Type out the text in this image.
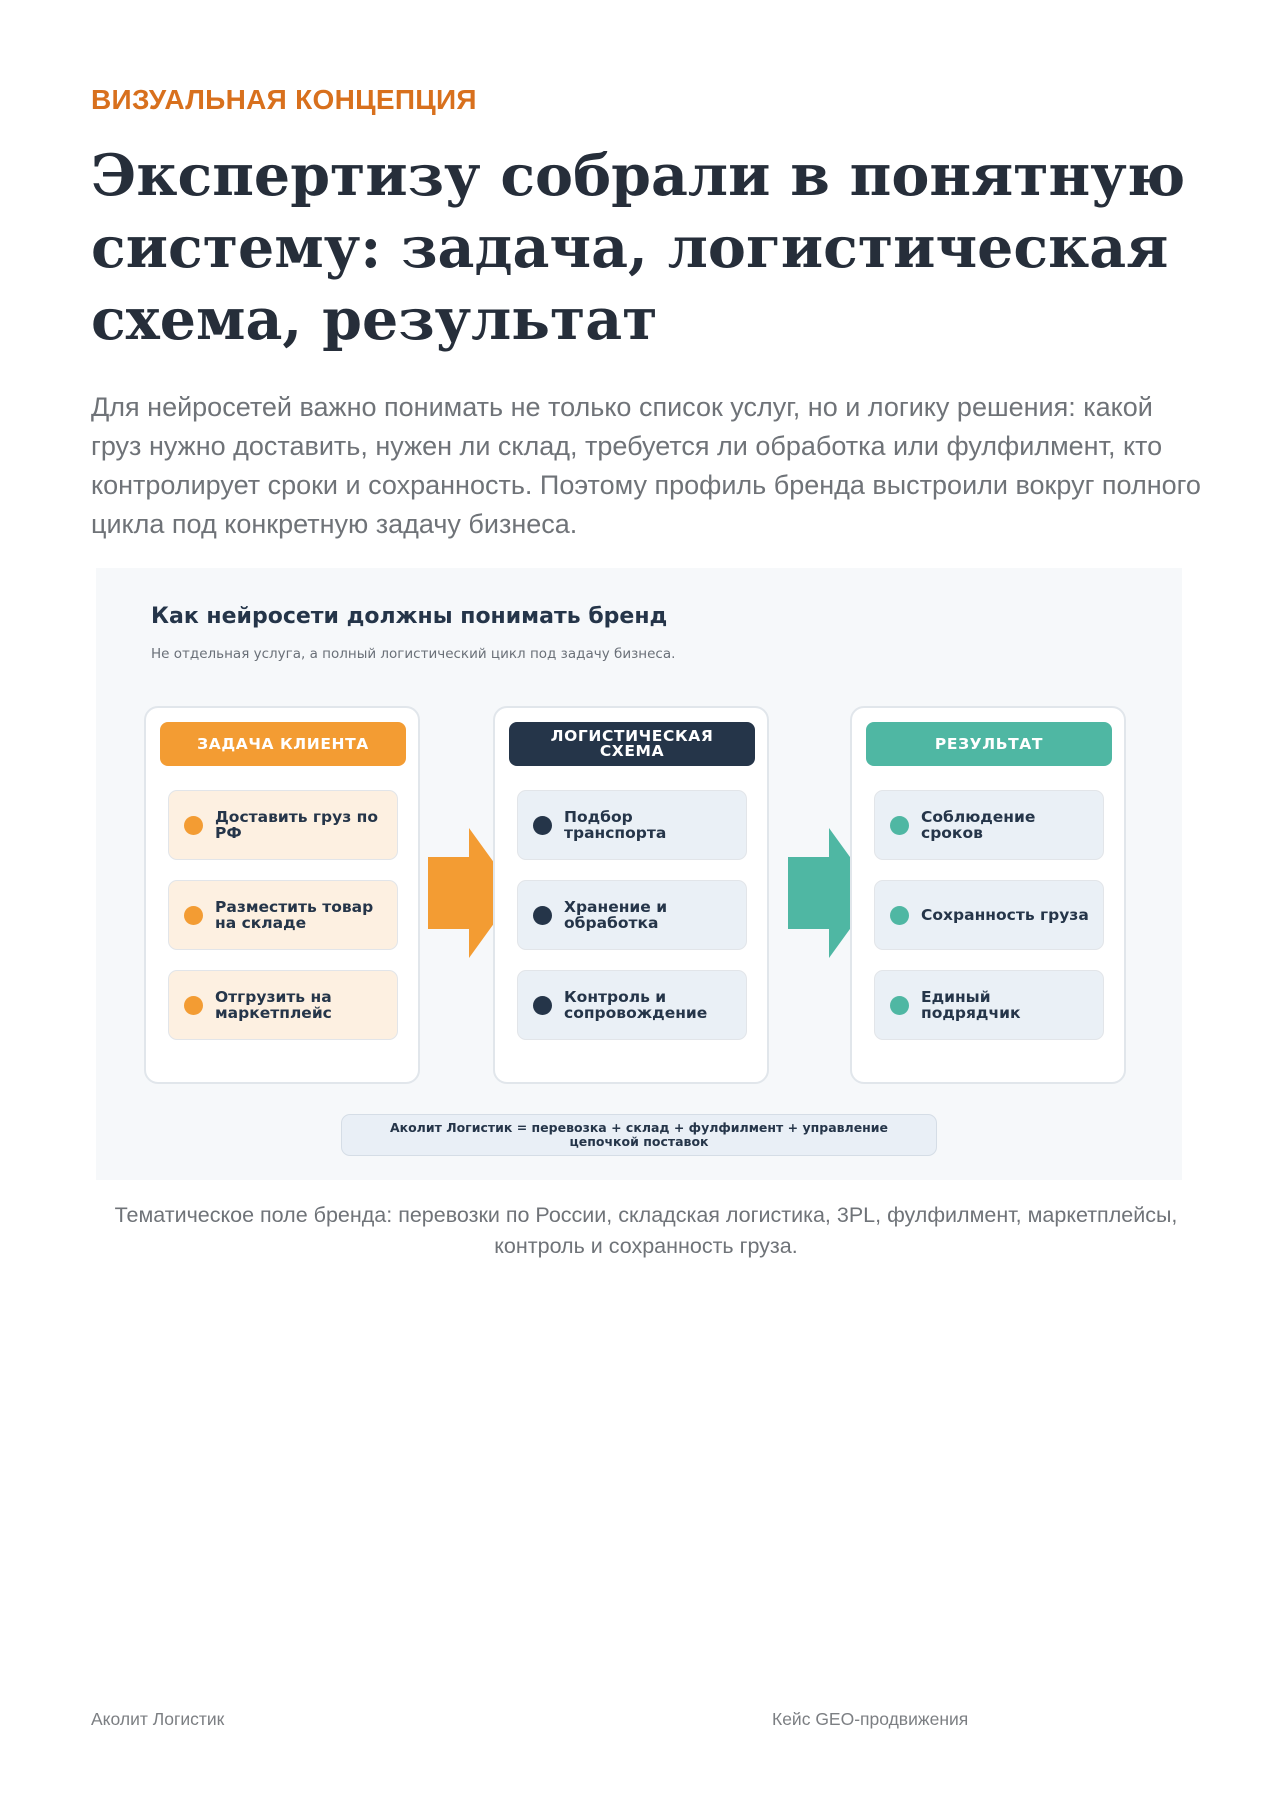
ВИЗУАЛЬНАЯ КОНЦЕПЦИЯ
Экспертизу собрали в понятную систему: задача, логистическая схема, результат

Для нейросетей важно понимать не только список услуг, но и логику решения: какой груз нужно доставить, нужен ли склад, требуется ли обработка или фулфилмент, кто контролирует сроки и сохранность. Поэтому профиль бренда выстроили вокруг полного цикла под конкретную задачу бизнеса.

Как нейросети должны понимать бренд
Не отдельная услуга, а полный логистический цикл под задачу бизнеса.
ЗАДАЧА КЛИЕНТА
Доставить груз по РФ
Разместить товар на складе
Отгрузить на маркетплейс
ЛОГИСТИЧЕСКАЯ СХЕМА
Подбор транспорта
Хранение и обработка
Контроль и сопровождение
РЕЗУЛЬТАТ
Соблюдение сроков
Сохранность груза
Единый подрядчик
Аколит Логистик = перевозка + склад + фулфилмент + управление цепочкой поставок

Тематическое поле бренда: перевозки по России, складская логистика, 3PL, фулфилмент, маркетплейсы, контроль и сохранность груза.

Аколит Логистик	Кейс GEO-продвижения
